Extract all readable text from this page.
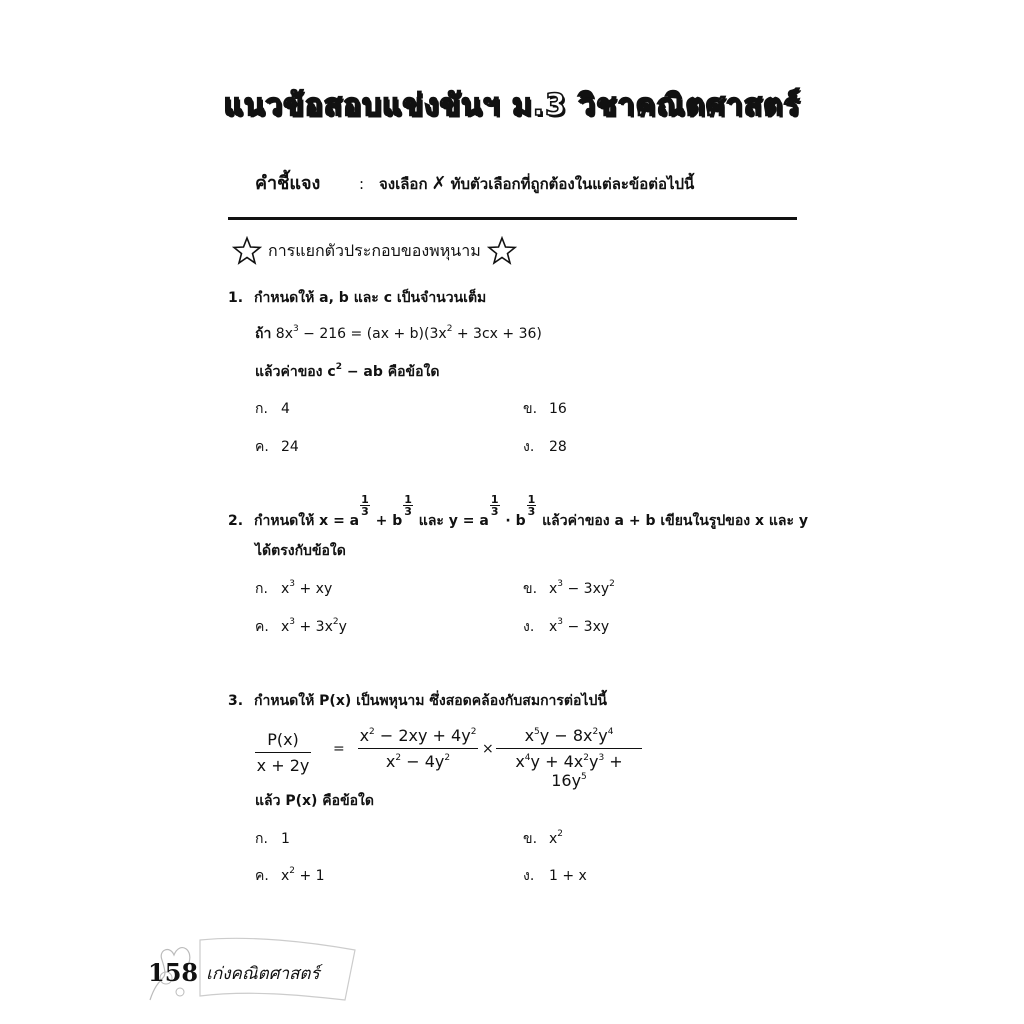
แนวข้อสอบแข่งขันฯ ม.3 วิชาคณิตศาสตร์
คำชี้แจง	: จงเลือก ✗ ทับตัวเลือกที่ถูกต้องในแต่ละข้อต่อไปนี้
การแยกตัวประกอบของพหุนาม
1. กำหนดให้ a, b และ c เป็นจำนวนเต็ม
ถ้า $8x^3 - 216 = (ax + b)(3x^2 + 3cx + 36)$
แล้วค่าของ $c^2$ − ab คือข้อใด
ก. 4	ข. 16
ค. 24	ง. 28
2. กำหนดให้ x = a
$\frac{1}{3}$
+ b
$\frac{1}{3}$
และ y = a
$\frac{1}{3}$
· b
$\frac{1}{3}$
แล้วค่าของ a + b เขียนในรูปของ x และ y
ได้ตรงกับข้อใด
ก. $x^3$ + xy	ข. $x^3 - 3xy^2$
ค. $x^3 + 3x^2y$	ง. $x^3 - 3xy$
3. กำหนดให้ P(x) เป็นพหุนาม ซึ่งสอดคล้องกับสมการต่อไปนี้
$\frac{P(x)}{x + 2y} = \frac{x^2 - 2xy + 4y^2}{x^2 - 4y^2} \times \frac{x^5y - 8x^2y^4}{x^4y + 4x^2y^3 + 16y^5}$
แล้ว P(x) คือข้อใด
ก. 1	ข. $x^2$
ค. $x^2 + 1$	ง. 1 + x
158 เก่งคณิตศาสตร์
